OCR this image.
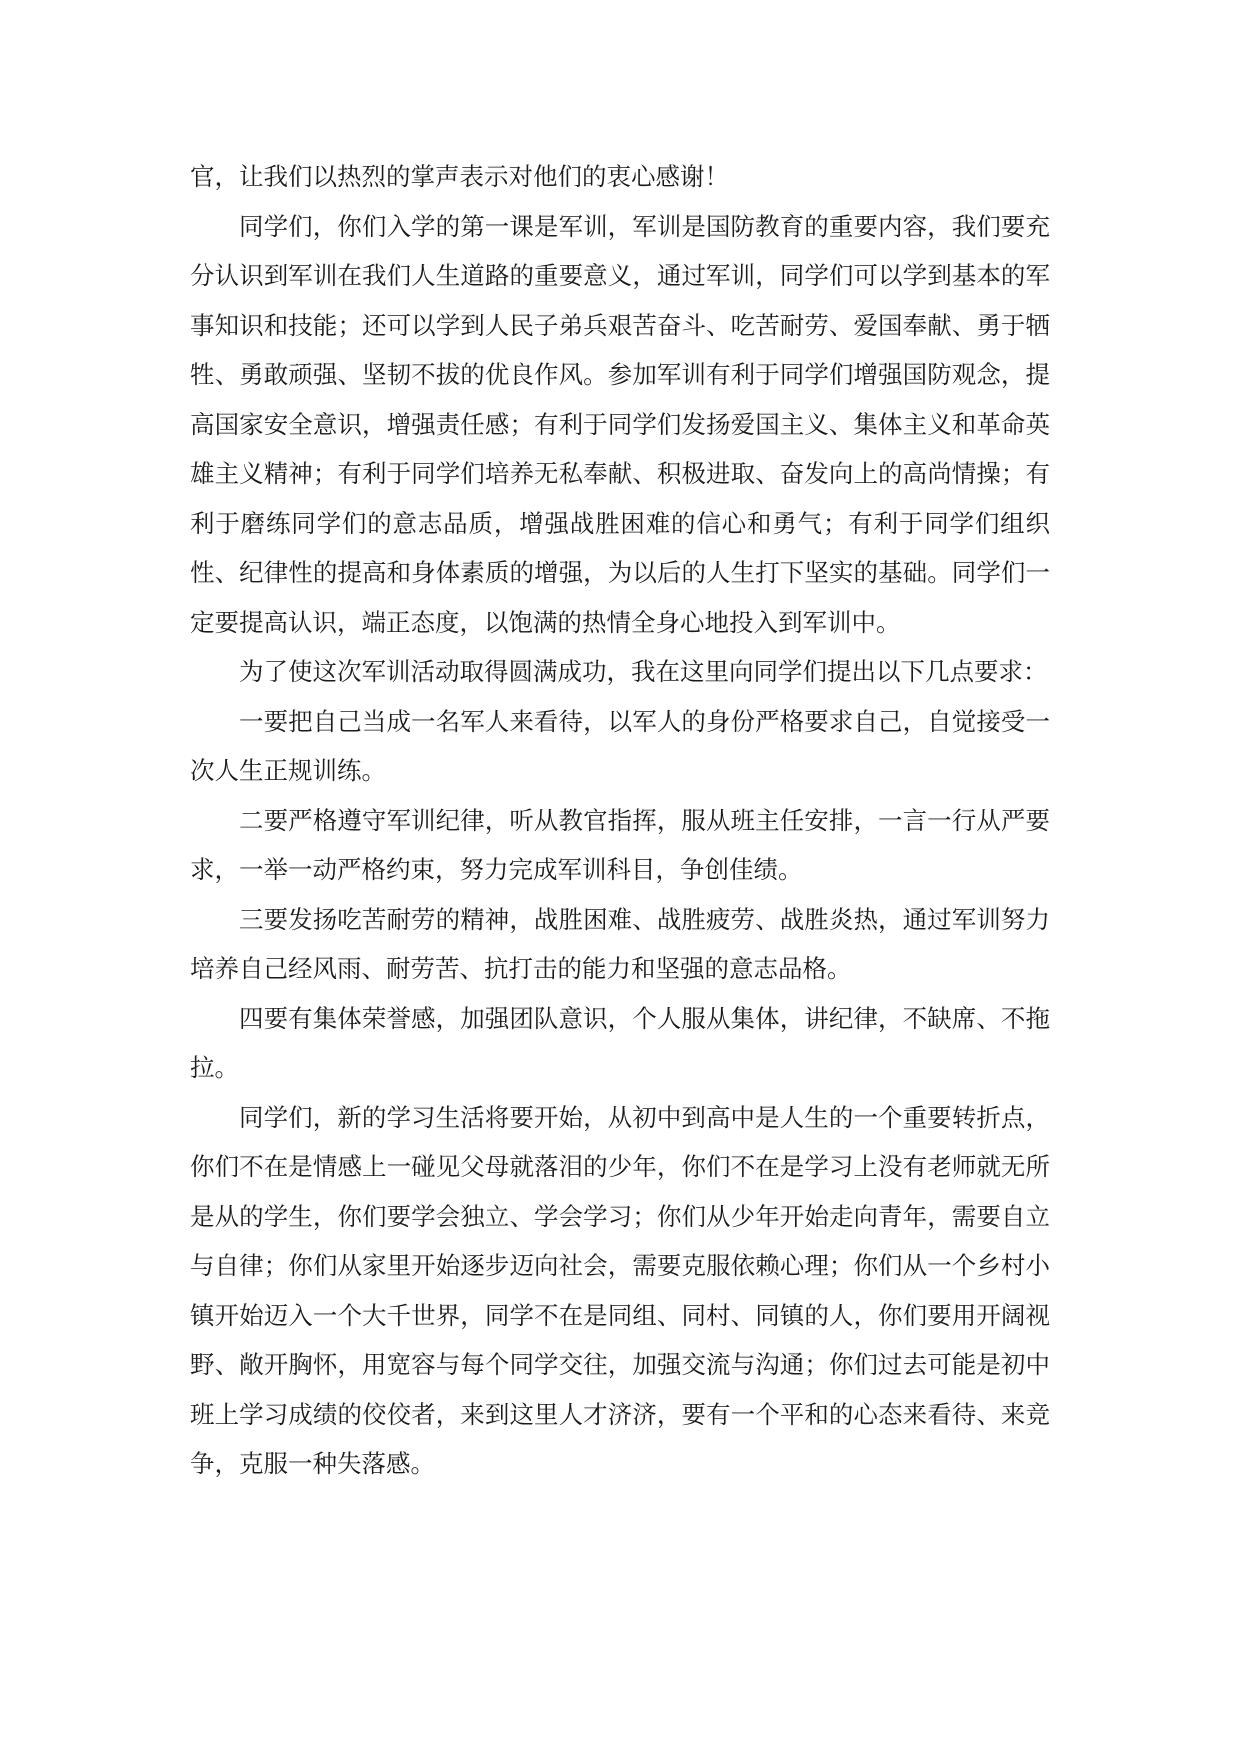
官，让我们以热烈的掌声表示对他们的衷心感谢！

同学们，你们入学的第一课是军训，军训是国防教育的重要内容，我们要充分认识到军训在我们人生道路的重要意义，通过军训，同学们可以学到基本的军事知识和技能；还可以学到人民子弟兵艰苦奋斗、吃苦耐劳、爱国奉献、勇于牺牲、勇敢顽强、坚韧不拔的优良作风。参加军训有利于同学们增强国防观念，提高国家安全意识，增强责任感；有利于同学们发扬爱国主义、集体主义和革命英雄主义精神；有利于同学们培养无私奉献、积极进取、奋发向上的高尚情操；有利于磨练同学们的意志品质，增强战胜困难的信心和勇气；有利于同学们组织性、纪律性的提高和身体素质的增强，为以后的人生打下坚实的基础。同学们一定要提高认识，端正态度，以饱满的热情全身心地投入到军训中。

为了使这次军训活动取得圆满成功，我在这里向同学们提出以下几点要求：

一要把自己当成一名军人来看待，以军人的身份严格要求自己，自觉接受一次人生正规训练。

二要严格遵守军训纪律，听从教官指挥，服从班主任安排，一言一行从严要求，一举一动严格约束，努力完成军训科目，争创佳绩。

三要发扬吃苦耐劳的精神，战胜困难、战胜疲劳、战胜炎热，通过军训努力培养自己经风雨、耐劳苦、抗打击的能力和坚强的意志品格。

四要有集体荣誉感，加强团队意识，个人服从集体，讲纪律，不缺席、不拖拉。

同学们，新的学习生活将要开始，从初中到高中是人生的一个重要转折点，你们不在是情感上一碰见父母就落泪的少年，你们不在是学习上没有老师就无所是从的学生，你们要学会独立、学会学习；你们从少年开始走向青年，需要自立与自律；你们从家里开始逐步迈向社会，需要克服依赖心理；你们从一个乡村小镇开始迈入一个大千世界，同学不在是同组、同村、同镇的人，你们要用开阔视野、敞开胸怀，用宽容与每个同学交往，加强交流与沟通；你们过去可能是初中班上学习成绩的佼佼者，来到这里人才济济，要有一个平和的心态来看待、来竞争，克服一种失落感。
